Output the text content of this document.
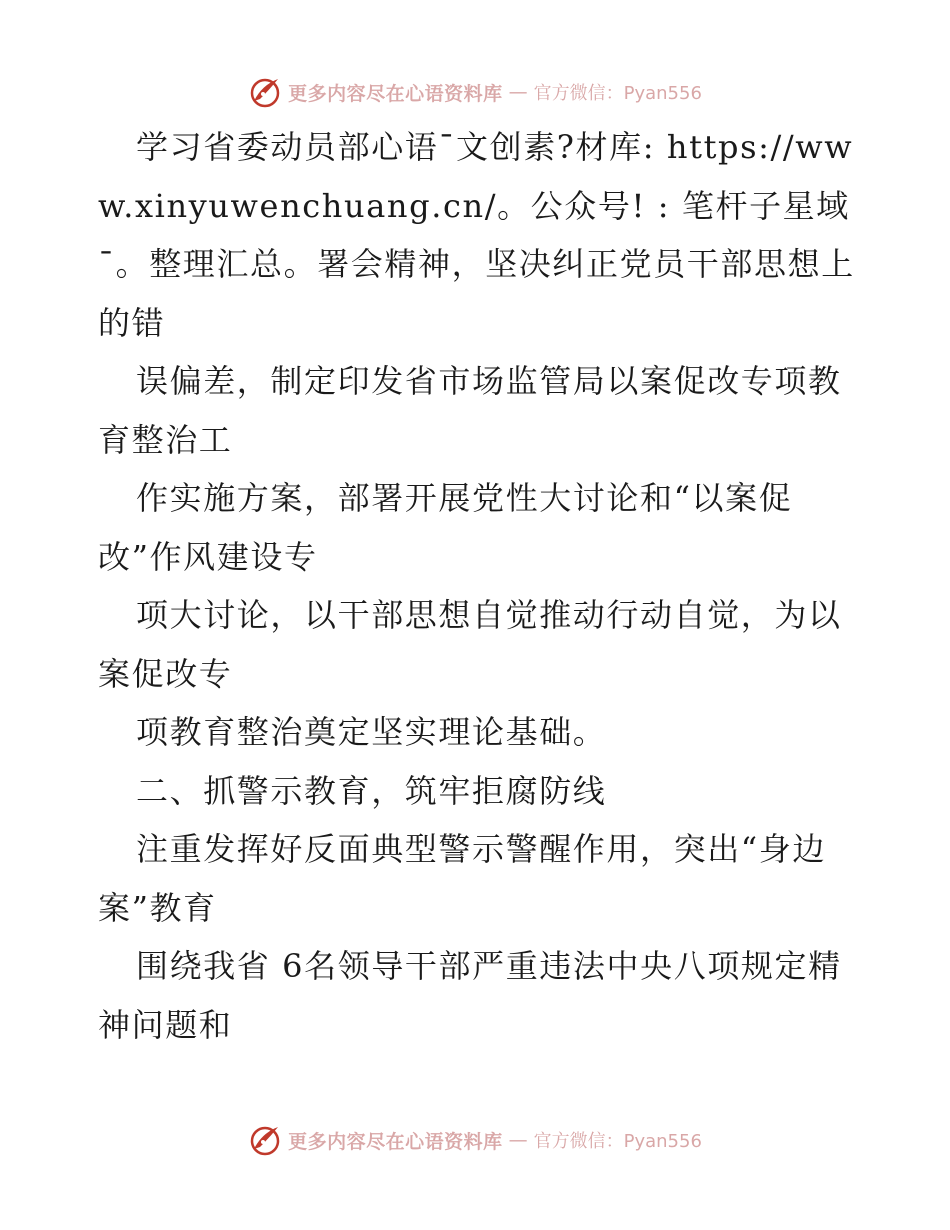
更多内容尽在心语资料库 — 官方微信：Pyan556

学习省委动员部心语¯文创素?材库: https://www.xinyuwenchuang.cn/。公众号! : 笔杆子星域¯。整理汇总。署会精神，坚决纠正党员干部思想上的错

误偏差，制定印发省市场监管局以案促改专项教育整治工

作实施方案，部署开展党性大讨论和“以案促改”作风建设专

项大讨论，以干部思想自觉推动行动自觉，为以案促改专

项教育整治奠定坚实理论基础。

二、抓警示教育，筑牢拒腐防线

注重发挥好反面典型警示警醒作用，突出“身边案”教育

围绕我省 6名领导干部严重违法中央八项规定精神问题和

更多内容尽在心语资料库 — 官方微信：Pyan556
